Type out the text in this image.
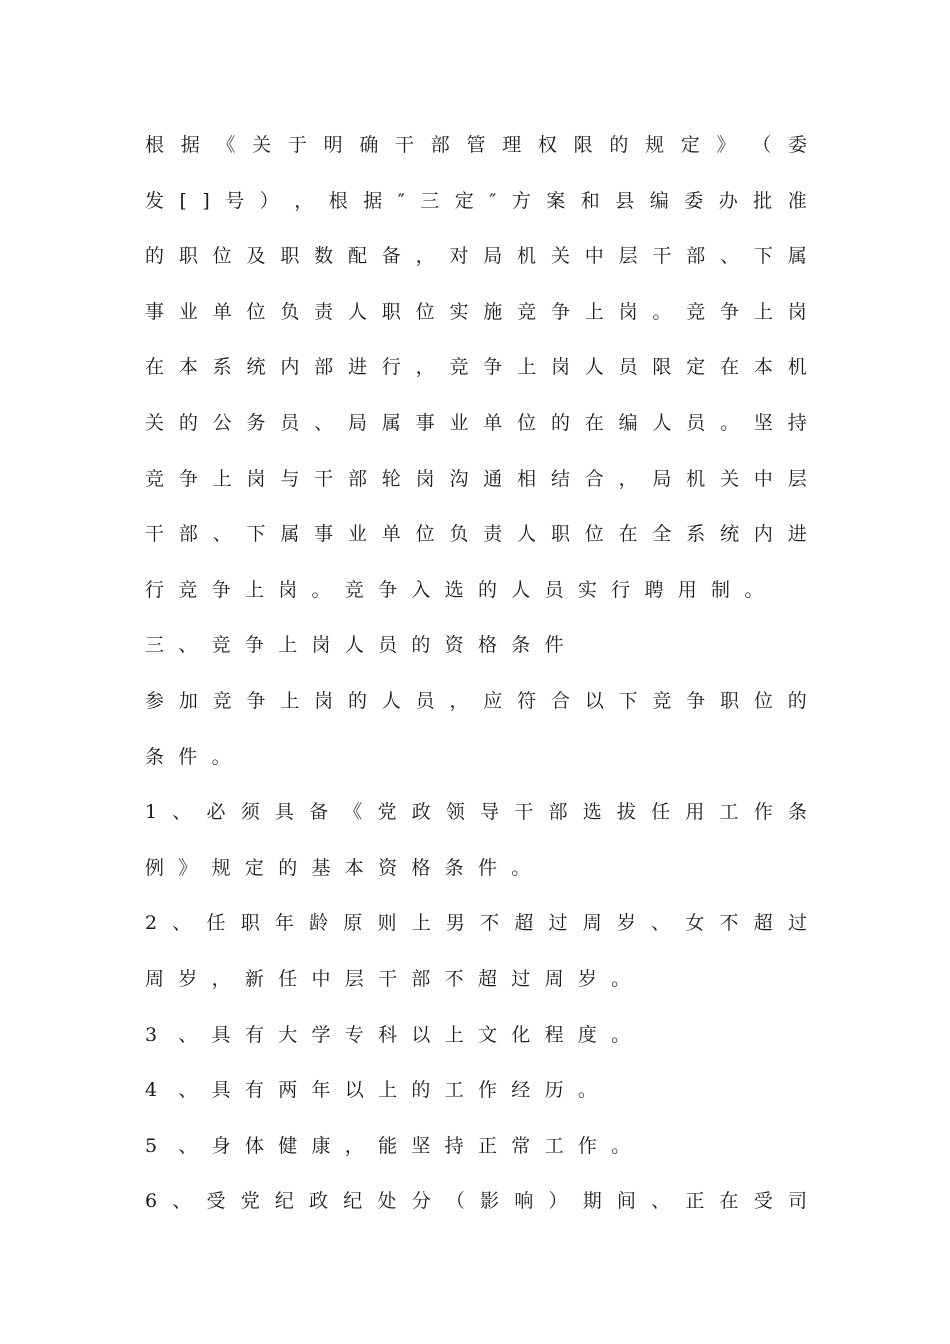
根 据 《 关 于 明 确 干 部 管 理 权 限 的 规 定 》 （ 委
发 [ ] 号 ） ， 根 据 ″ 三 定 ″ 方 案 和 县 编 委 办 批 准
的 职 位 及 职 数 配 备 ， 对 局 机 关 中 层 干 部 、 下 属
事 业 单 位 负 责 人 职 位 实 施 竞 争 上 岗 。 竞 争 上 岗
在 本 系 统 内 部 进 行 ， 竞 争 上 岗 人 员 限 定 在 本 机
关 的 公 务 员 、 局 属 事 业 单 位 的 在 编 人 员 。 坚 持
竞 争 上 岗 与 干 部 轮 岗 沟 通 相 结 合 ， 局 机 关 中 层
干 部 、 下 属 事 业 单 位 负 责 人 职 位 在 全 系 统 内 进
行 竞 争 上 岗 。 竞 争 入 选 的 人 员 实 行 聘 用 制 。
三 、 竞 争 上 岗 人 员 的 资 格 条 件
参 加 竞 争 上 岗 的 人 员 ， 应 符 合 以 下 竞 争 职 位 的
条 件 。
1 、 必 须 具 备 《 党 政 领 导 干 部 选 拔 任 用 工 作 条
例 》 规 定 的 基 本 资 格 条 件 。
2 、 任 职 年 龄 原 则 上 男 不 超 过 周 岁 、 女 不 超 过
周 岁 ， 新 任 中 层 干 部 不 超 过 周 岁 。
3	、 具 有 大 学 专 科 以 上 文 化 程 度 。
4	、 具 有 两 年 以 上 的 工 作 经 历 。
5	、 身 体 健 康 ， 能 坚 持 正 常 工 作 。
6 、 受 党 纪 政 纪 处 分 （ 影 响 ） 期 间 、 正 在 受 司
